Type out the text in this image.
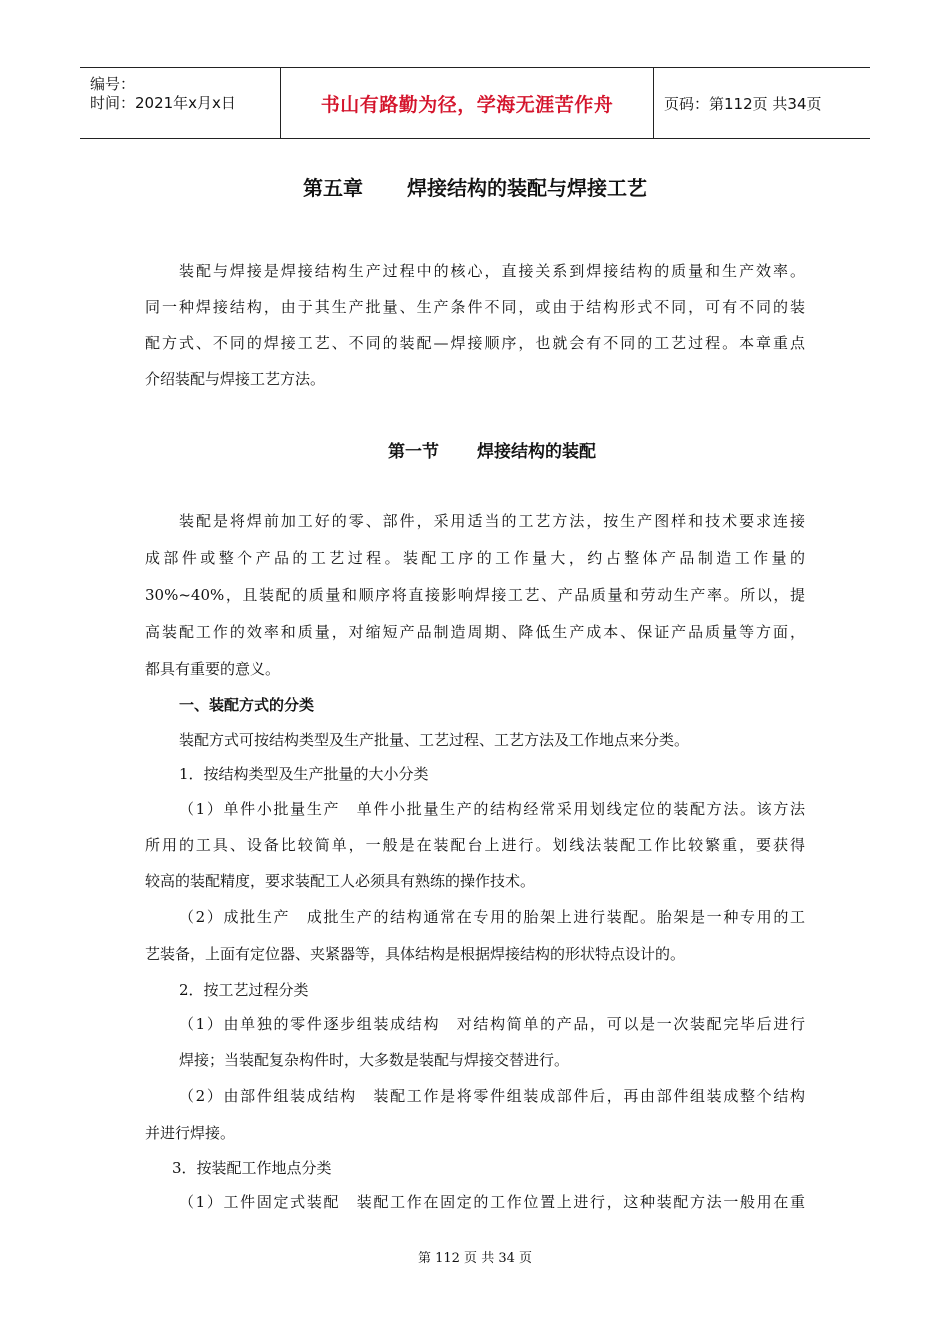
编号：
时间：2021年x月x日	书山有路勤为径，学海无涯苦作舟	页码：第112页 共34页
第五章 焊接结构的装配与焊接工艺
装配与焊接是焊接结构生产过程中的核心，直接关系到焊接结构的质量和生产效率。
同一种焊接结构，由于其生产批量、生产条件不同，或由于结构形式不同，可有不同的装
配方式、不同的焊接工艺、不同的装配—焊接顺序，也就会有不同的工艺过程。本章重点
介绍装配与焊接工艺方法。
第一节 焊接结构的装配
装配是将焊前加工好的零、部件，采用适当的工艺方法，按生产图样和技术要求连接
成部件或整个产品的工艺过程。装配工序的工作量大，约占整体产品制造工作量的
30%~40%，且装配的质量和顺序将直接影响焊接工艺、产品质量和劳动生产率。所以，提
高装配工作的效率和质量，对缩短产品制造周期、降低生产成本、保证产品质量等方面，
都具有重要的意义。
一、装配方式的分类
装配方式可按结构类型及生产批量、工艺过程、工艺方法及工作地点来分类。
1．按结构类型及生产批量的大小分类
（1）单件小批量生产　单件小批量生产的结构经常采用划线定位的装配方法。该方法
所用的工具、设备比较简单，一般是在装配台上进行。划线法装配工作比较繁重，要获得
较高的装配精度，要求装配工人必须具有熟练的操作技术。
（2）成批生产　成批生产的结构通常在专用的胎架上进行装配。胎架是一种专用的工
艺装备，上面有定位器、夹紧器等，具体结构是根据焊接结构的形状特点设计的。
2．按工艺过程分类
（1）由单独的零件逐步组装成结构　对结构简单的产品，可以是一次装配完毕后进行
焊接；当装配复杂构件时，大多数是装配与焊接交替进行。
（2）由部件组装成结构　装配工作是将零件组装成部件后，再由部件组装成整个结构
并进行焊接。
3．按装配工作地点分类
（1）工件固定式装配　装配工作在固定的工作位置上进行，这种装配方法一般用在重
第 112 页 共 34 页
